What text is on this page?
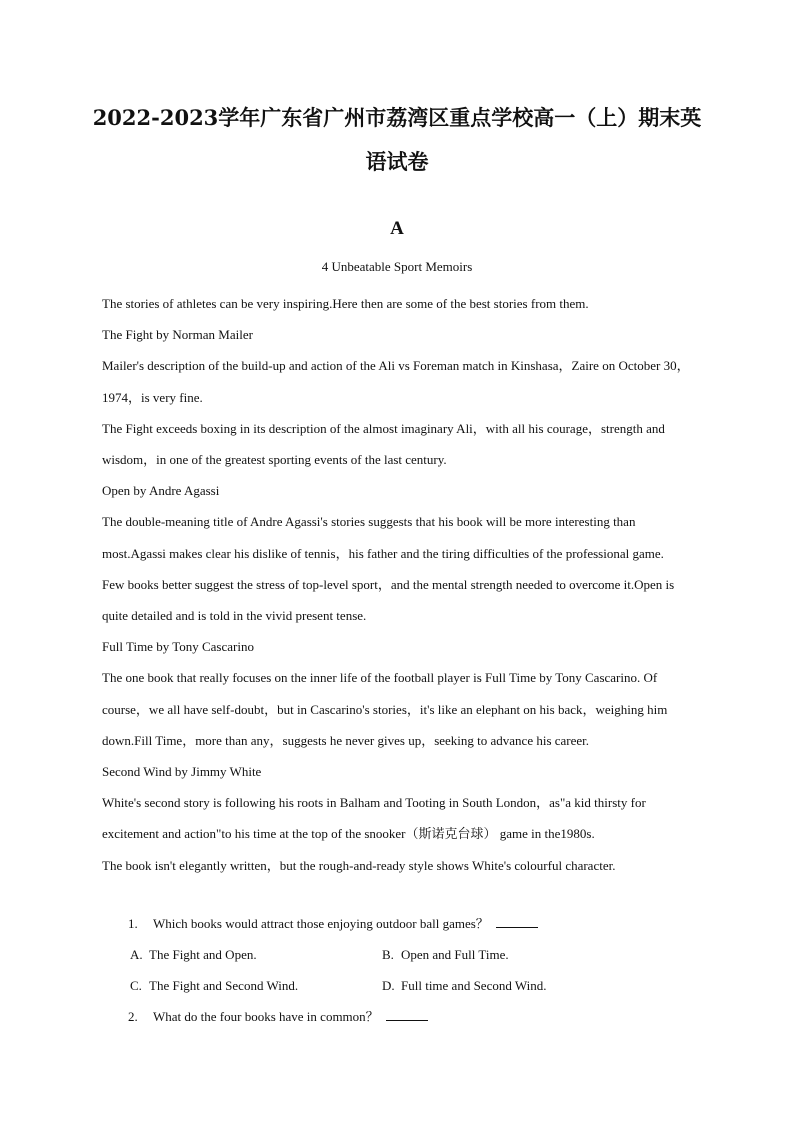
2022-2023学年广东省广州市荔湾区重点学校高一（上）期末英
语试卷
A
4 Unbeatable Sport Memoirs

The stories of athletes can be very inspiring.Here then are some of the best stories from them.

The Fight by Norman Mailer

Mailer's description of the build-up and action of the Ali vs Foreman match in Kinshasa，Zaire on October 30，1974，is very fine.

The Fight exceeds boxing in its description of the almost imaginary Ali，with all his courage，strength and wisdom，in one of the greatest sporting events of the last century.

Open by Andre Agassi

The double-meaning title of Andre Agassi's stories suggests that his book will be more interesting than most.Agassi makes clear his dislike of tennis，his father and the tiring difficulties of the professional game.

Few books better suggest the stress of top-level sport，and the mental strength needed to overcome it.Open is quite detailed and is told in the vivid present tense.

Full Time by Tony Cascarino

The one book that really focuses on the inner life of the football player is Full Time by Tony Cascarino. Of course，we all have self-doubt，but in Cascarino's stories，it's like an elephant on his back，weighing him down.Fill Time，more than any，suggests he never gives up，seeking to advance his career.

Second Wind by Jimmy White

White's second story is following his roots in Balham and Tooting in South London，as"a kid thirsty for excitement and action"to his time at the top of the snooker（斯诺克台球） game in the1980s.

The book isn't elegantly written，but the rough-and-ready style shows White's colourful character.

1. Which books would attract those enjoying outdoor ball games？
A. The Fight and Open.	B. Open and Full Time.
C. The Fight and Second Wind.	D. Full time and Second Wind.
2. What do the four books have in common？
